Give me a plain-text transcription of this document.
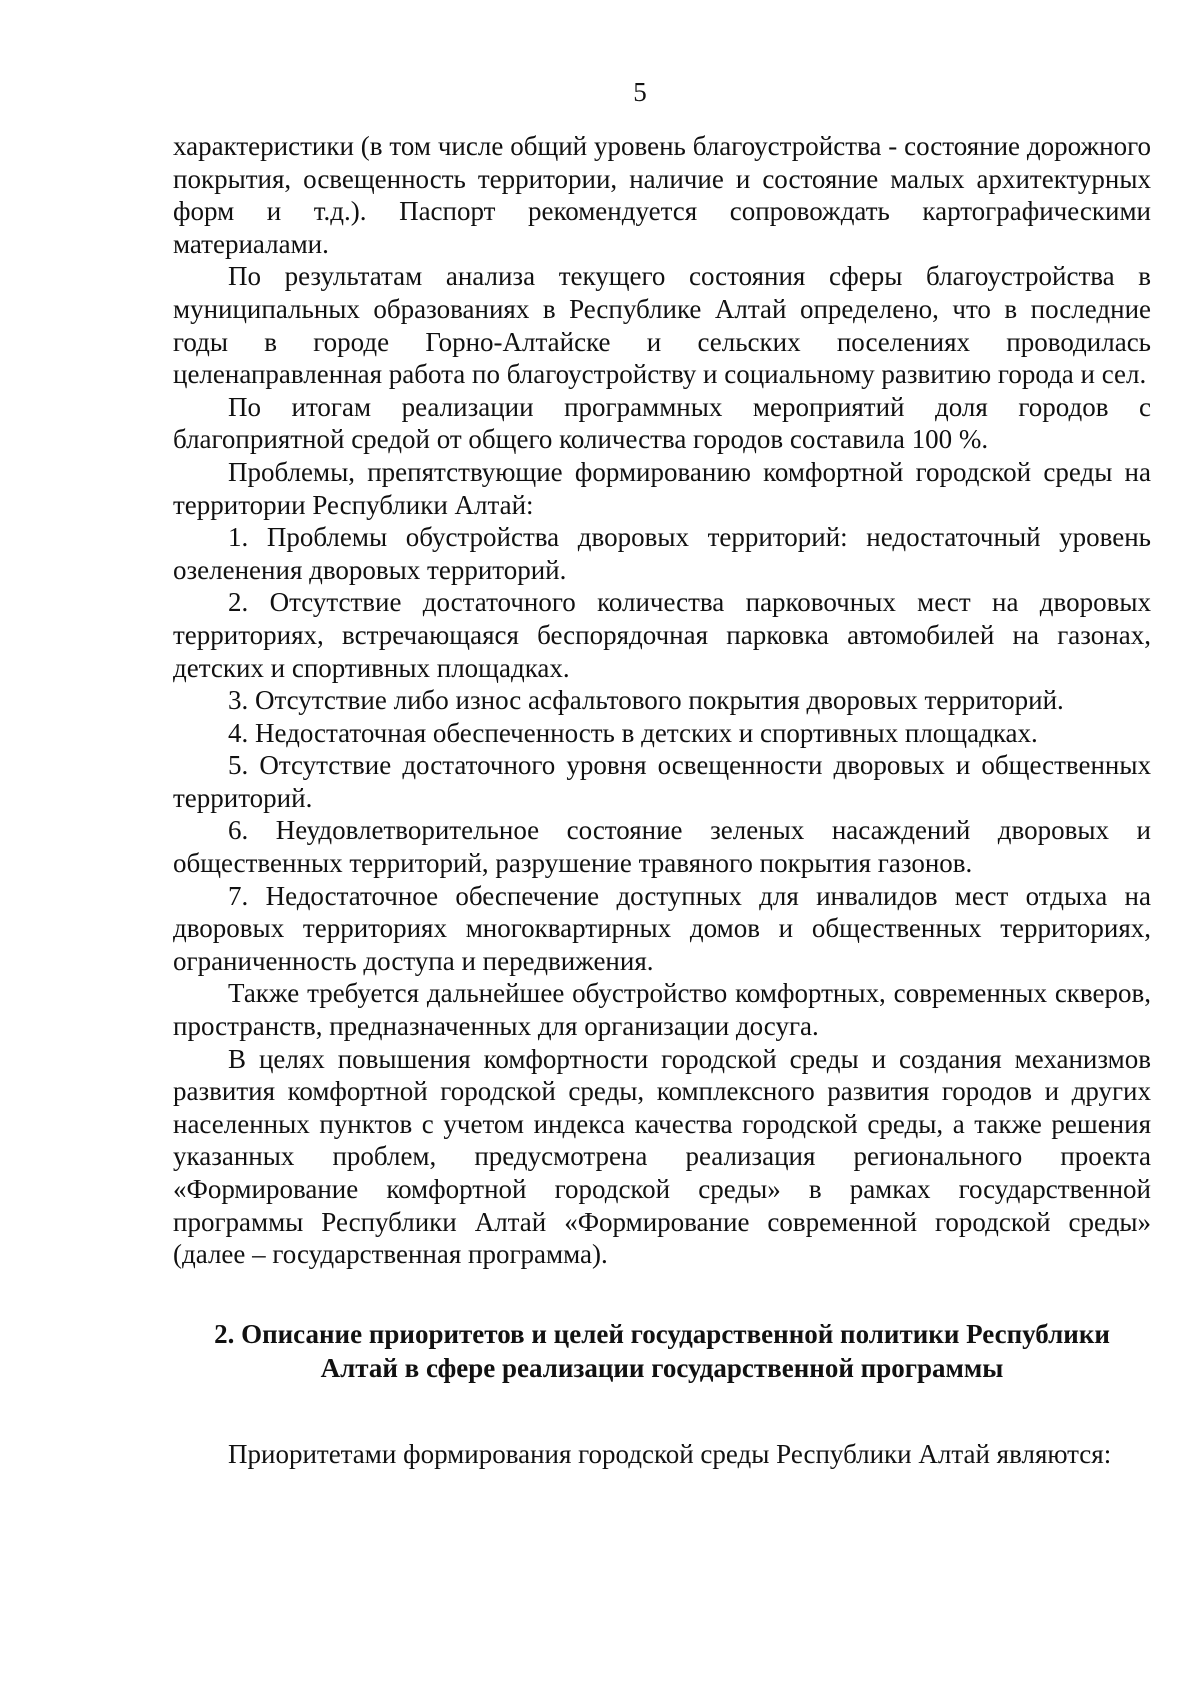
5

характеристики (в том числе общий уровень благоустройства - состояние дорожного покрытия, освещенность территории, наличие и состояние малых архитектурных форм и т.д.). Паспорт рекомендуется сопровождать картографическими материалами.

По результатам анализа текущего состояния сферы благоустройства в муниципальных образованиях в Республике Алтай определено, что в последние годы в городе Горно-Алтайске и сельских поселениях проводилась целенаправленная работа по благоустройству и социальному развитию города и сел.

По итогам реализации программных мероприятий доля городов с благоприятной средой от общего количества городов составила 100 %.

Проблемы, препятствующие формированию комфортной городской среды на территории Республики Алтай:

1. Проблемы обустройства дворовых территорий: недостаточный уровень озеленения дворовых территорий.

2. Отсутствие достаточного количества парковочных мест на дворовых территориях, встречающаяся беспорядочная парковка автомобилей на газонах, детских и спортивных площадках.

3. Отсутствие либо износ асфальтового покрытия дворовых территорий.

4. Недостаточная обеспеченность в детских и спортивных площадках.

5. Отсутствие достаточного уровня освещенности дворовых и общественных территорий.

6. Неудовлетворительное состояние зеленых насаждений дворовых и общественных территорий, разрушение травяного покрытия газонов.

7. Недостаточное обеспечение доступных для инвалидов мест отдыха на дворовых территориях многоквартирных домов и общественных территориях, ограниченность доступа и передвижения.

Также требуется дальнейшее обустройство комфортных, современных скверов, пространств, предназначенных для организации досуга.

В целях повышения комфортности городской среды и создания механизмов развития комфортной городской среды, комплексного развития городов и других населенных пунктов с учетом индекса качества городской среды, а также решения указанных проблем, предусмотрена реализация регионального проекта «Формирование комфортной городской среды» в рамках государственной программы Республики Алтай «Формирование современной городской среды» (далее – государственная программа).

2. Описание приоритетов и целей государственной политики Республики Алтай в сфере реализации государственной программы

Приоритетами формирования городской среды Республики Алтай являются:
